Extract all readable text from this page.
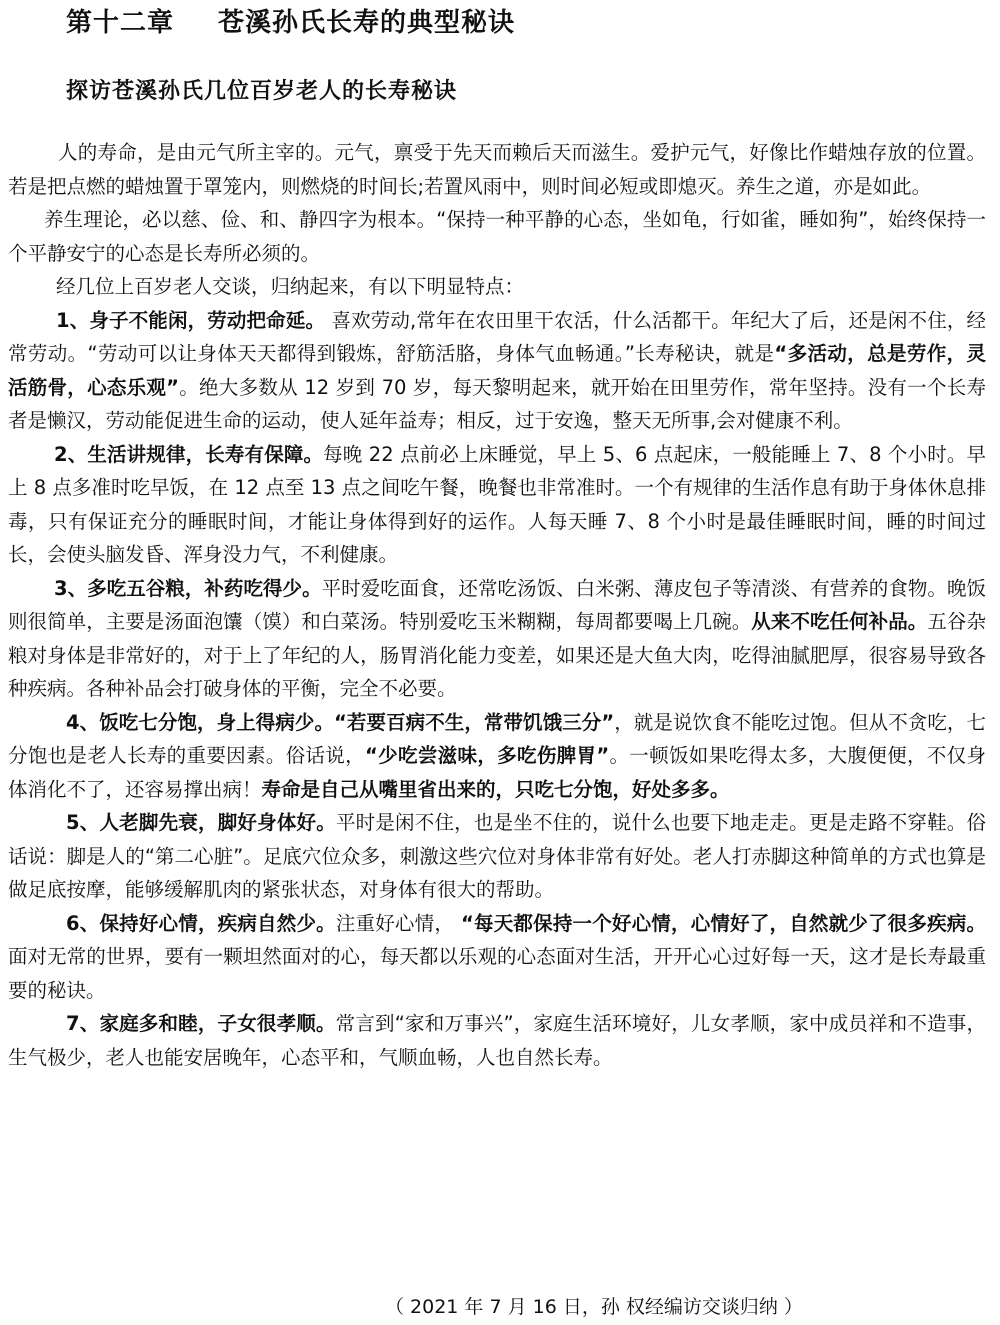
第十二章 苍溪孙氏长寿的典型秘诀
探访苍溪孙氏几位百岁老人的长寿秘诀

人的寿命，是由元气所主宰的。元气，禀受于先天而赖后天而滋生。爱护元气，好像比作蜡烛存放的位置。若是把点燃的蜡烛置于罩笼内，则燃烧的时间长;若置风雨中，则时间必短或即熄灭。养生之道，亦是如此。

养生理论，必以慈、俭、和、静四字为根本。“保持一种平静的心态，坐如龟，行如雀，睡如狗”，始终保持一个平静安宁的心态是长寿所必须的。

经几位上百岁老人交谈，归纳起来，有以下明显特点：

1、身子不能闲，劳动把命延。 喜欢劳动,常年在农田里干农活，什么活都干。年纪大了后，还是闲不住，经常劳动。“劳动可以让身体天天都得到锻炼，舒筋活胳，身体气血畅通。”长寿秘诀，就是“多活动，总是劳作，灵活筋骨，心态乐观”。绝大多数从 12 岁到 70 岁，每天黎明起来，就开始在田里劳作，常年坚持。没有一个长寿者是懒汉，劳动能促进生命的运动，使人延年益寿；相反，过于安逸，整天无所事,会对健康不利。

2、生活讲规律，长寿有保障。每晚 22 点前必上床睡觉，早上 5、6 点起床，一般能睡上 7、8 个小时。早上 8 点多准时吃早饭，在 12 点至 13 点之间吃午餐，晚餐也非常准时。一个有规律的生活作息有助于身体休息排毒，只有保证充分的睡眠时间，才能让身体得到好的运作。人每天睡 7、8 个小时是最佳睡眠时间，睡的时间过长，会使头脑发昏、浑身没力气，不利健康。

3、多吃五谷粮，补药吃得少。平时爱吃面食，还常吃汤饭、白米粥、薄皮包子等清淡、有营养的食物。晚饭则很简单，主要是汤面泡馕（馍）和白菜汤。特别爱吃玉米糊糊，每周都要喝上几碗。从来不吃任何补品。五谷杂粮对身体是非常好的，对于上了年纪的人，肠胃消化能力变差，如果还是大鱼大肉，吃得油腻肥厚，很容易导致各种疾病。各种补品会打破身体的平衡，完全不必要。

4、饭吃七分饱，身上得病少。“若要百病不生，常带饥饿三分”，就是说饮食不能吃过饱。但从不贪吃，七分饱也是老人长寿的重要因素。俗话说，“少吃尝滋味，多吃伤脾胃”。一顿饭如果吃得太多，大腹便便，不仅身体消化不了，还容易撑出病！寿命是自己从嘴里省出来的，只吃七分饱，好处多多。

5、人老脚先衰，脚好身体好。平时是闲不住，也是坐不住的，说什么也要下地走走。更是走路不穿鞋。俗话说：脚是人的“第二心脏”。足底穴位众多，刺激这些穴位对身体非常有好处。老人打赤脚这种简单的方式也算是做足底按摩，能够缓解肌肉的紧张状态，对身体有很大的帮助。

6、保持好心情，疾病自然少。注重好心情， “每天都保持一个好心情，心情好了，自然就少了很多疾病。面对无常的世界，要有一颗坦然面对的心，每天都以乐观的心态面对生活，开开心心过好每一天，这才是长寿最重要的秘诀。

7、家庭多和睦，子女很孝顺。常言到“家和万事兴”，家庭生活环境好，儿女孝顺，家中成员祥和不造事，生气极少，老人也能安居晚年，心态平和，气顺血畅，人也自然长寿。

（ 2021 年 7 月 16 日，孙 权经编访交谈归纳 ）
